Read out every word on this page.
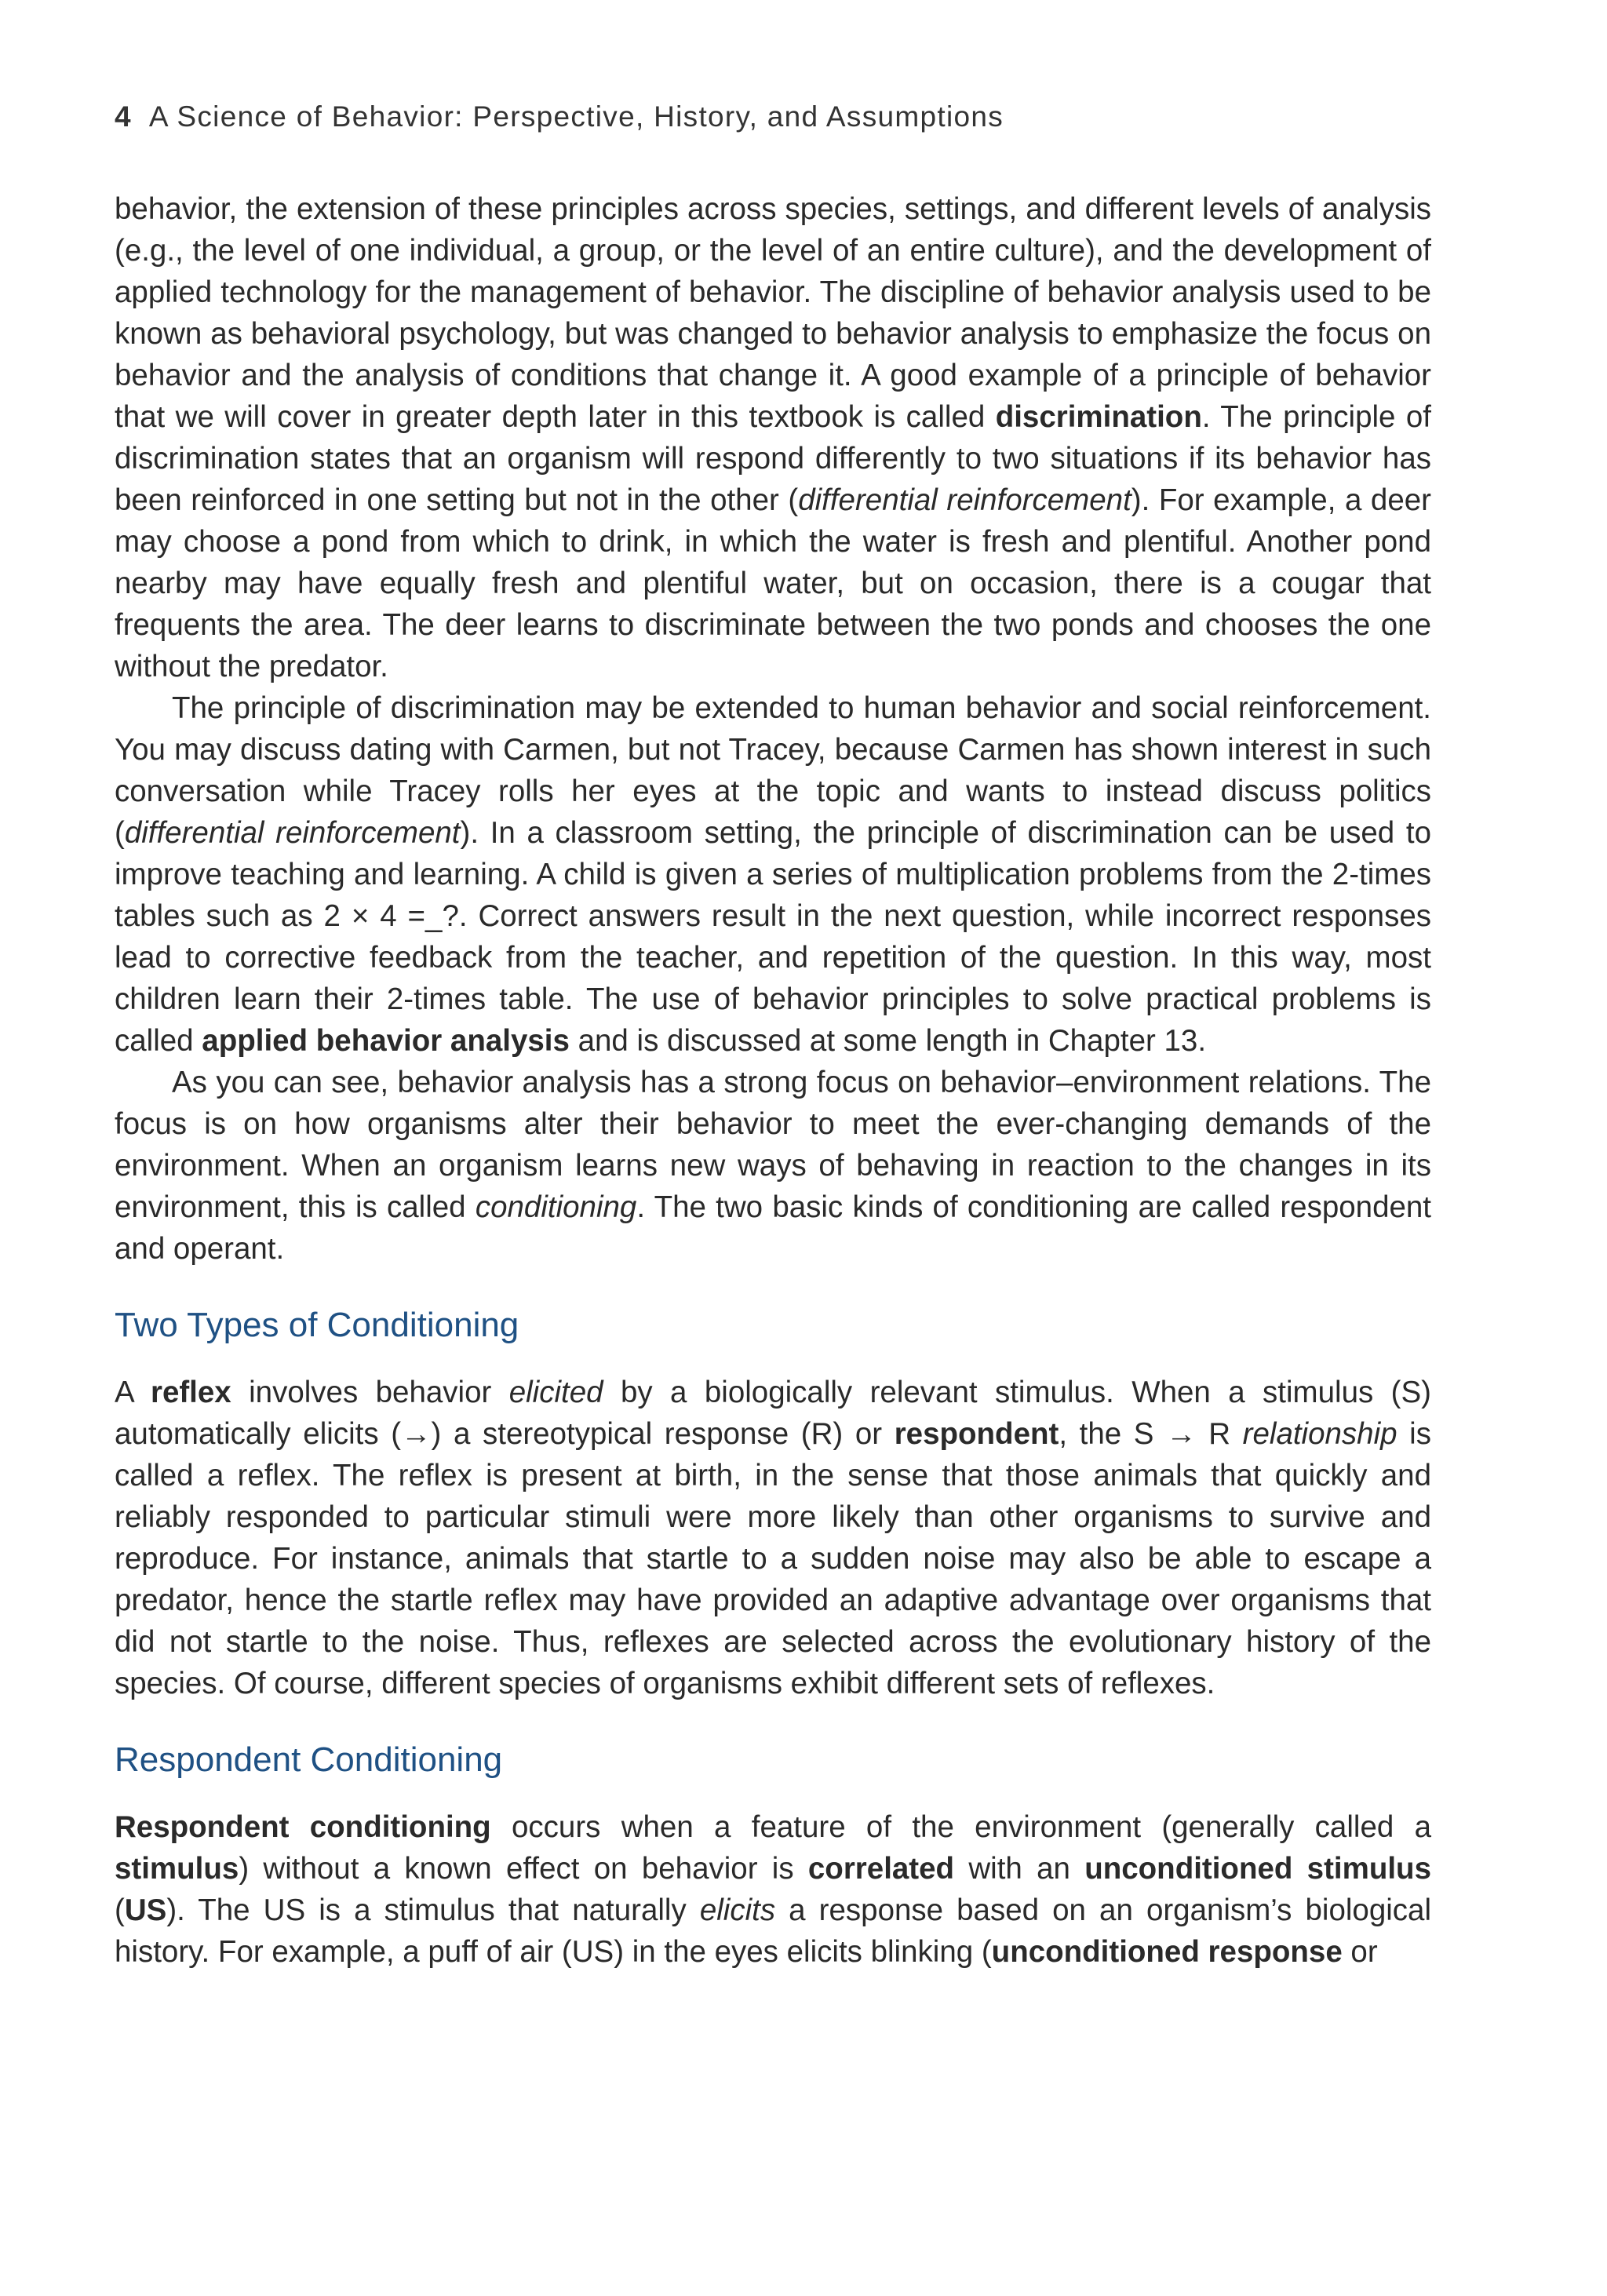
4 A Science of Behavior: Perspective, History, and Assumptions

behavior, the extension of these principles across species, settings, and different levels of analysis (e.g., the level of one individual, a group, or the level of an entire culture), and the development of applied technology for the management of behavior. The discipline of behavior analysis used to be known as behavioral psychology, but was changed to behavior analysis to emphasize the focus on behavior and the analysis of conditions that change it. A good example of a principle of behavior that we will cover in greater depth later in this textbook is called discrimination. The principle of discrimination states that an organism will respond differently to two situations if its behavior has been reinforced in one setting but not in the other (differential reinforcement). For example, a deer may choose a pond from which to drink, in which the water is fresh and plentiful. Another pond nearby may have equally fresh and plentiful water, but on occasion, there is a cougar that frequents the area. The deer learns to discriminate between the two ponds and chooses the one without the predator.

The principle of discrimination may be extended to human behavior and social reinforcement. You may discuss dating with Carmen, but not Tracey, because Carmen has shown interest in such conversation while Tracey rolls her eyes at the topic and wants to instead discuss politics (differential reinforcement). In a classroom setting, the principle of discrimination can be used to improve teaching and learning. A child is given a series of multiplication problems from the 2-times tables such as 2 × 4 =_?. Correct answers result in the next question, while incorrect responses lead to corrective feedback from the teacher, and repetition of the question. In this way, most children learn their 2-times table. The use of behavior principles to solve practical problems is called applied behavior analysis and is discussed at some length in Chapter 13.

As you can see, behavior analysis has a strong focus on behavior–environment relations. The focus is on how organisms alter their behavior to meet the ever-changing demands of the environment. When an organism learns new ways of behaving in reaction to the changes in its environment, this is called conditioning. The two basic kinds of conditioning are called respondent and operant.

Two Types of Conditioning

A reflex involves behavior elicited by a biologically relevant stimulus. When a stimulus (S) automatically elicits (→) a stereotypical response (R) or respondent, the S → R relationship is called a reflex. The reflex is present at birth, in the sense that those animals that quickly and reliably responded to particular stimuli were more likely than other organisms to survive and reproduce. For instance, animals that startle to a sudden noise may also be able to escape a predator, hence the startle reflex may have provided an adaptive advantage over organisms that did not startle to the noise. Thus, reflexes are selected across the evolutionary history of the species. Of course, different species of organisms exhibit different sets of reflexes.

Respondent Conditioning

Respondent conditioning occurs when a feature of the environment (generally called a stimulus) without a known effect on behavior is correlated with an unconditioned stimulus (US). The US is a stimulus that naturally elicits a response based on an organism’s biological history. For example, a puff of air (US) in the eyes elicits blinking (unconditioned response or
